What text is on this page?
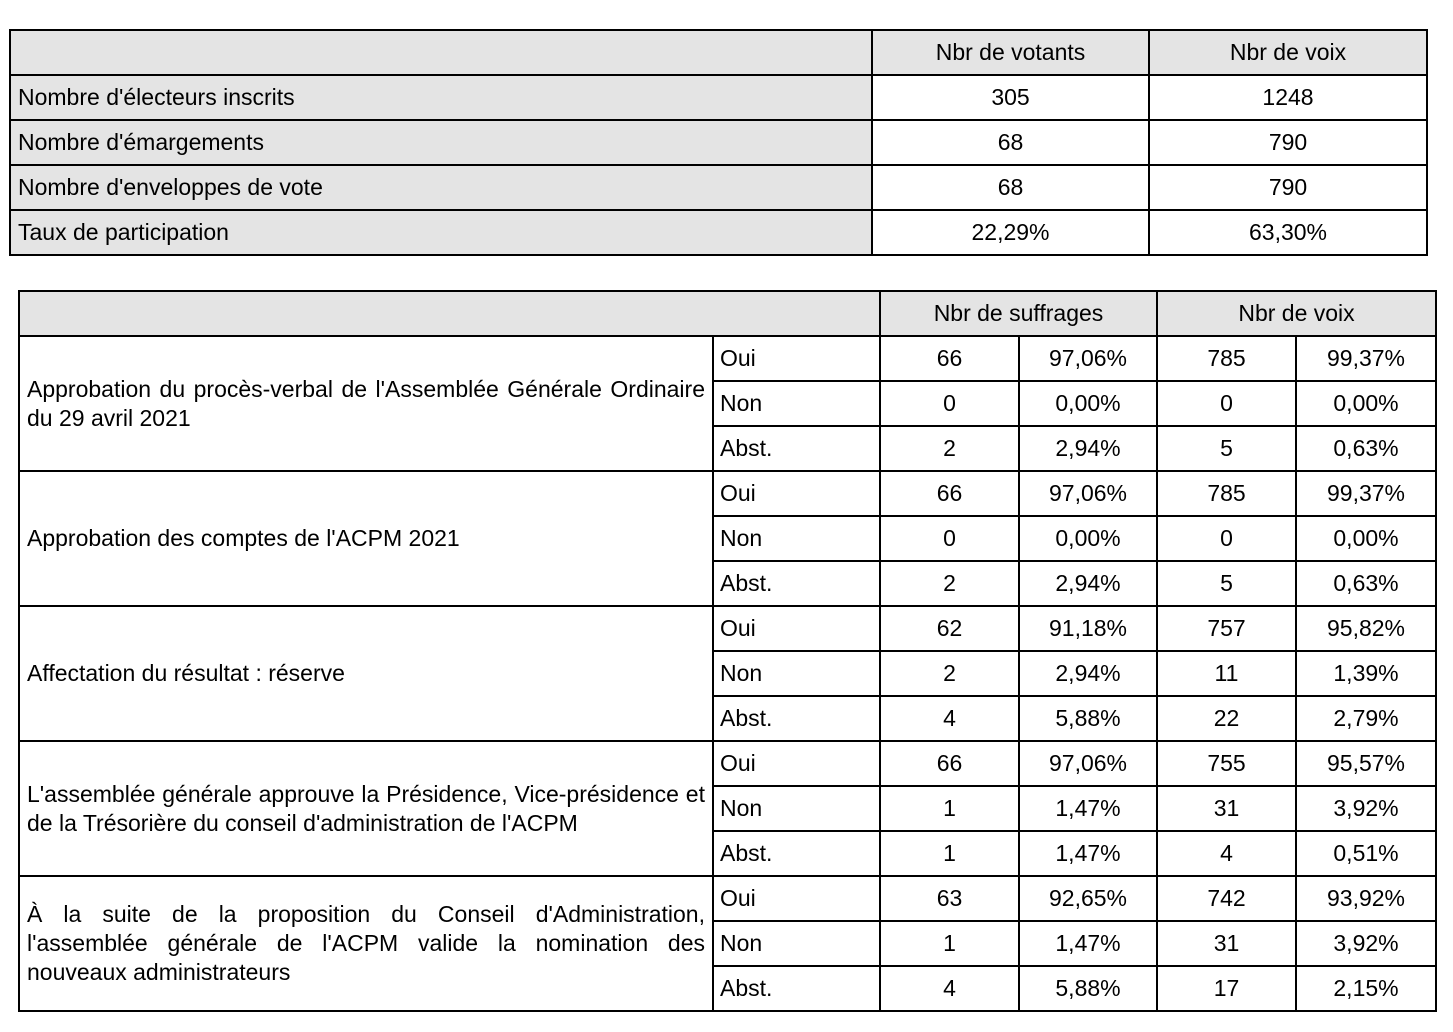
	Nbr de votants	Nbr de voix
Nombre d'électeurs inscrits	305	1248
Nombre d'émargements	68	790
Nombre d'enveloppes de vote	68	790
Taux de participation	22,29%	63,30%
		Nbr de suffrages		Nbr de voix	
Approbation du procès-verbal de l'Assemblée Générale Ordinaire du 29 avril 2021	Oui	66	97,06%	785	99,37%
	Non	0	0,00%	0	0,00%
	Abst.	2	2,94%	5	0,63%
Approbation des comptes de l'ACPM 2021	Oui	66	97,06%	785	99,37%
	Non	0	0,00%	0	0,00%
	Abst.	2	2,94%	5	0,63%
Affectation du résultat : réserve	Oui	62	91,18%	757	95,82%
	Non	2	2,94%	11	1,39%
	Abst.	4	5,88%	22	2,79%
L'assemblée générale approuve la Présidence, Vice-présidence et de la Trésorière du conseil d'administration de l'ACPM	Oui	66	97,06%	755	95,57%
	Non	1	1,47%	31	3,92%
	Abst.	1	1,47%	4	0,51%
À la suite de la proposition du Conseil d'Administration, l'assemblée générale de l'ACPM valide la nomination des nouveaux administrateurs	Oui	63	92,65%	742	93,92%
	Non	1	1,47%	31	3,92%
	Abst.	4	5,88%	17	2,15%
